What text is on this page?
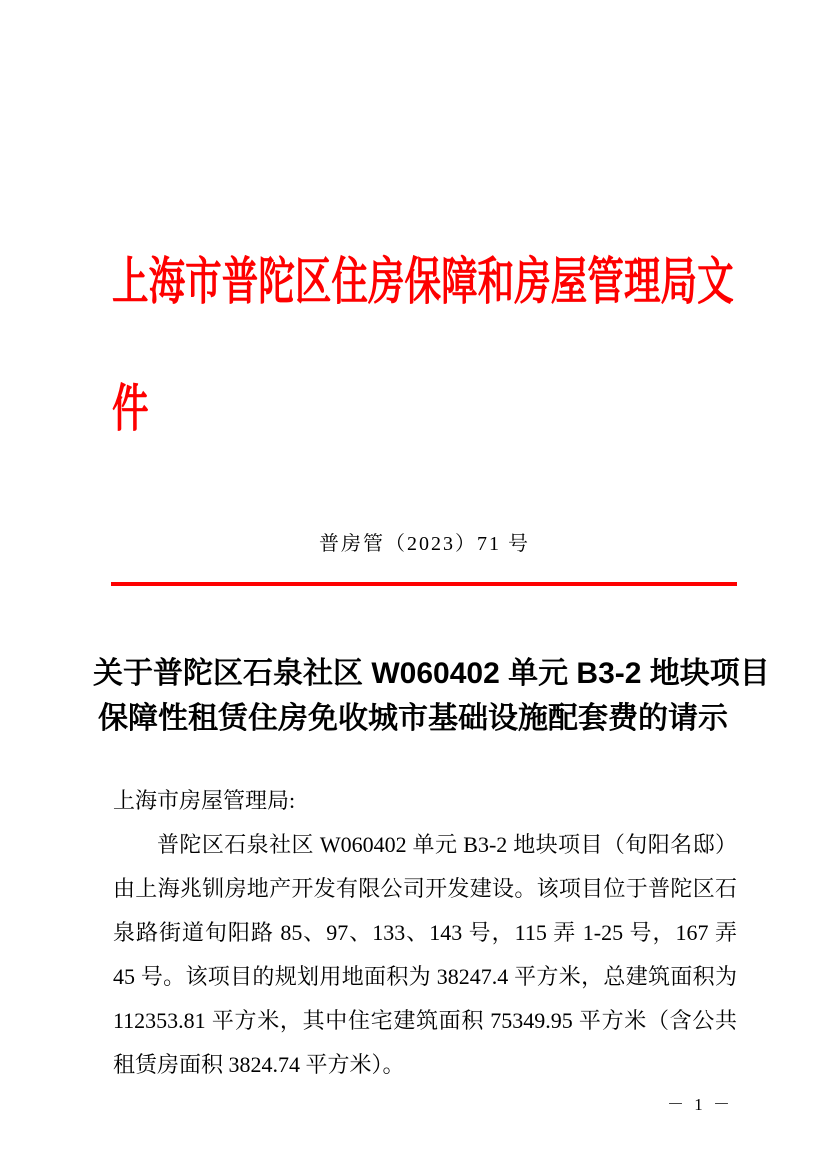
上海市普陀区住房保障和房屋管理局文件
普房管（2023）71 号
关于普陀区石泉社区 W060402 单元 B3-2 地块项目
保障性租赁住房免收城市基础设施配套费的请示
上海市房屋管理局:

普陀区石泉社区 W060402 单元 B3-2 地块项目（旬阳名邸）由上海兆钏房地产开发有限公司开发建设。该项目位于普陀区石泉路街道旬阳路 85、97、133、143 号，115 弄 1-25 号，167 弄 45 号。该项目的规划用地面积为 38247.4 平方米，总建筑面积为 112353.81 平方米，其中住宅建筑面积 75349.95 平方米（含公共租赁房面积 3824.74 平方米）。

－ 1 －
